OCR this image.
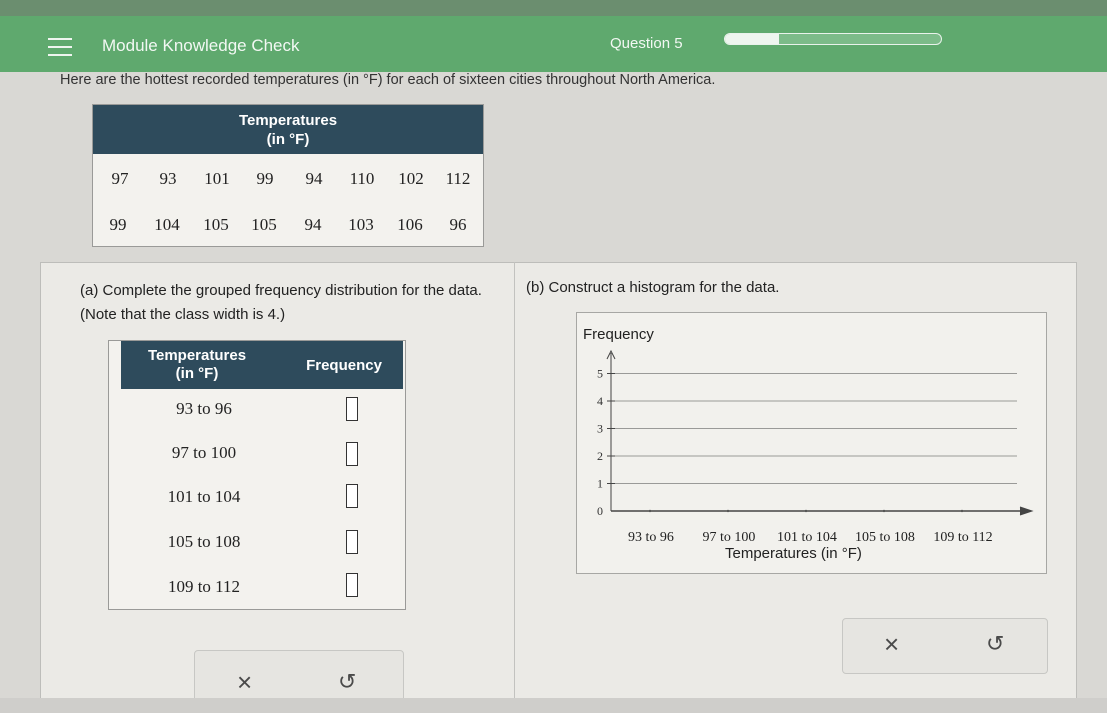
Module Knowledge Check	Question 5
Here are the hottest recorded temperatures (in °F) for each of sixteen cities throughout North America.
Temperatures
(in °F)
97 93 101 99 94 110 102 112
99 104 105 105 94 103 106 96
(a) Complete the grouped frequency distribution for the data. (Note that the class width is 4.)
(b) Construct a histogram for the data.
Temperatures
(in °F)	Frequency
93 to 96
97 to 100
101 to 104
105 to 108
109 to 112
Frequency
0
1
2
3
4
5
93 to 96 97 to 100 101 to 104 105 to 108 109 to 112
Temperatures (in °F)
×	↺
×	↺
